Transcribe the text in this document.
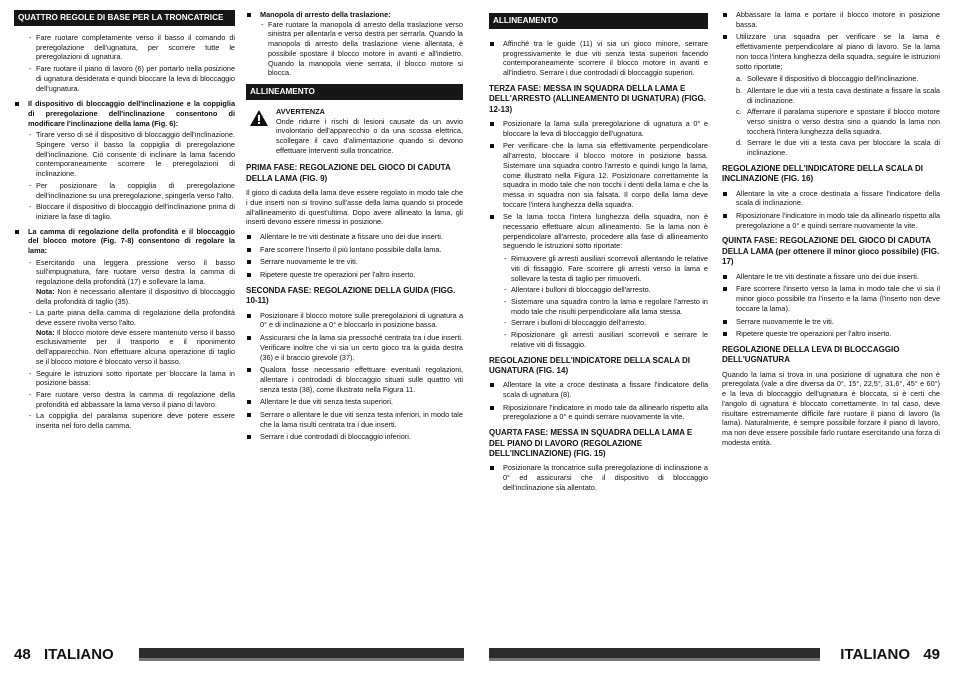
QUATTRO REGOLE DI BASE PER LA TRONCATRICE
- Fare ruotare completamente verso il basso il comando di preregolazione dell'ugnatura, per scorrere tutte le preregolazioni di ugnatura.
- Fare ruotare il piano di lavoro (6) per portarlo nella posizione di ugnatura desiderata e quindi bloccare la leva di bloccaggio dell'ugnatura.
Il dispositivo di bloccaggio dell'inclinazione e la coppiglia di preregolazione dell'inclinazione consentono di modificare l'inclinazione della lama (Fig. 6):
- Tirare verso di sé il dispositivo di bloccaggio dell'inclinazione. Spingere verso il basso la coppiglia di preregolazione dell'inclinazione. Ciò consente di inclinare la lama facendo contemporaneamente scorrere le preregolazioni di inclinazione.
- Per posizionare la coppiglia di preregolazione dell'inclinazione su una preregolazione, spingerla verso l'alto.
- Bloccare il dispositivo di bloccaggio dell'inclinazione prima di iniziare la fase di taglio.
La camma di regolazione della profondità e il bloccaggio del blocco motore (Fig. 7-8) consentono di regolare la lama:
- Esercitando una leggera pressione verso il basso sull'impugnatura, fare ruotare verso destra la camma di regolazione della profondità (17) e sollevare la lama.
Nota: Non è necessario allentare il dispositivo di bloccaggio della profondità di taglio (35).
- La parte piana della camma di regolazione della profondità deve essere rivolta verso l'alto.
Nota: Il blocco motore deve essere mantenuto verso il basso esclusivamente per il trasporto e il riponimento dell'apparecchio. Non effettuare alcuna operazione di taglio se il blocco motore è bloccato verso il basso.
- Seguire le istruzioni sotto riportate per bloccare la lama in posizione bassa:
- Fare ruotare verso destra la camma di regolazione della profondità ed abbassare la lama verso il piano di lavoro.
- La coppiglia del paralama superiore deve potere essere inserita nel foro della camma.
Manopola di arresto della traslazione:
- Fare ruotare la manopola di arresto della traslazione verso sinistra per allentarla e verso destra per serrarla. Quando la manopola di arresto della traslazione viene allentata, è possibile spostare il blocco motore in avanti e all'indietro. Quando la manopola viene serrata, il blocco motore si blocca.
ALLINEAMENTO
AVVERTENZA
Onde ridurre i rischi di lesioni causate da un avvio involontario dell'apparecchio o da una scossa elettrica, scollegare il cavo d'alimentazione quando si devono effettuare interventi sulla troncatrice.
PRIMA FASE: REGOLAZIONE DEL GIOCO DI CADUTA DELLA LAMA (FIG. 9)
Il gioco di caduta della lama deve essere regolato in modo tale che i due inserti non si trovino sull'asse della lama quando si procede all'allineamento di quest'ultima. Dopo avere allineato la lama, gli inserti devono essere rimessi in posizione.
Allentare le tre viti destinate a fissare uno dei due inserti.
Fare scorrere l'inserto il più lontano possibile dalla lama.
Serrare nuovamente le tre viti.
Ripetere queste tre operazioni per l'altro inserto.
SECONDA FASE: REGOLAZIONE DELLA GUIDA (FIGG. 10-11)
Posizionare il blocco motore sulle preregolazioni di ugnatura a 0° e di inclinazione a 0° e bloccarlo in posizione bassa.
Assicurarsi che la lama sia pressoché centrata tra i due inserti. Verificare inoltre che vi sia un certo gioco tra la guida destra (36) e il braccio girevole (37).
Qualora fosse necessario effettuare eventuali regolazioni, allentare i controdadi di bloccaggio situati sulle quattro viti senza testa (38), come illustrato nella Figura 11.
Allentare le due viti senza testa superiori.
Serrare o allentare le due viti senza testa inferiori, in modo tale che la lama risulti centrata tra i due inserti.
Serrare i due controdadi di bloccaggio inferiori.
48 ITALIANO
ALLINEAMENTO
Affinché tra le guide (11) vi sia un gioco minore, serrare progressivamente le due viti senza testa superiori facendo contemporaneamente scorrere il blocco motore in avanti e all'indietro. Serrare i due controdadi di bloccaggio superiori.
TERZA FASE: MESSA IN SQUADRA DELLA LAMA E DELL'ARRESTO (ALLINEAMENTO DI UGNATURA) (FIGG. 12-13)
Posizionare la lama sulla preregolazione di ugnatura a 0° e bloccare la leva di bloccaggio dell'ugnatura.
Per verificare che la lama sia effettivamente perpendicolare all'arresto, bloccare il blocco motore in posizione bassa. Sistemare una squadra contro l'arresto e quindi lungo la lama, come illustrato nella Figura 12. Posizionare correttamente la squadra in modo tale che non tocchi i denti della lama e che la messa in squadra non sia falsata. Il corpo della lama deve toccare l'intera lunghezza della squadra.
Se la lama tocca l'intera lunghezza della squadra, non è necessario effettuare alcun allineamento. Se la lama non è perpendicolare all'arresto, procedere alla fase di allineamento seguendo le istruzioni sotto riportate:
- Rimuovere gli arresti ausiliari scorrevoli allentando le relative viti di fissaggio. Fare scorrere gli arresti verso la lama e sollevare la testa di taglio per rimuoverli.
- Allentare i bulloni di bloccaggio dell'arresto.
- Sistemare una squadra contro la lama e regolare l'arresto in modo tale che risulti perpendicolare alla lama stessa.
- Serrare i bulloni di bloccaggio dell'arresto.
- Riposizionare gli arresti ausiliari scorrevoli e serrare le relative viti di fissaggio.
REGOLAZIONE DELL'INDICATORE DELLA SCALA DI UGNATURA (FIG. 14)
Allentare la vite a croce destinata a fissare l'indicatore della scala di ugnatura (8).
Riposizionare l'indicatore in modo tale da allinearlo rispetto alla preregolazione a 0° e quindi serrare nuovamente la vite.
QUARTA FASE: MESSA IN SQUADRA DELLA LAMA E DEL PIANO DI LAVORO (REGOLAZIONE DELL'INCLINAZIONE) (FIG. 15)
Posizionare la troncatrice sulla preregolazione di inclinazione a 0° ed assicurarsi che il dispositivo di bloccaggio dell'inclinazione sia allentato.
Abbassare la lama e portare il blocco motore in posizione bassa.
Utilizzare una squadra per verificare se la lama è effettivamente perpendicolare al piano di lavoro. Se la lama non tocca l'intera lunghezza della squadra, seguire le istruzioni sotto riportate:
a. Sollevare il dispositivo di bloccaggio dell'inclinazione.
b. Allentare le due viti a testa cava destinate a fissare la scala di inclinazione.
c. Afferrare il paralama superiore e spostare il blocco motore verso sinistra o verso destra sino a quando la lama non toccherà l'intera lunghezza della squadra.
d. Serrare le due viti a testa cava per bloccare la scala di inclinazione.
REGOLAZIONE DELL'INDICATORE DELLA SCALA DI INCLINAZIONE (FIG. 16)
Allentare la vite a croce destinata a fissare l'indicatore della scala di inclinazione.
Riposizionare l'indicatore in modo tale da allinearlo rispetto alla preregolazione a 0° e quindi serrare nuovamente la vite.
QUINTA FASE: REGOLAZIONE DEL GIOCO DI CADUTA DELLA LAMA (per ottenere il minor gioco possibile) (FIG. 17)
Allentare le tre viti destinate a fissare uno dei due inserti.
Fare scorrere l'inserto verso la lama in modo tale che vi sia il minor gioco possibile tra l'inserto e la lama (l'inserto non deve toccare la lama).
Serrare nuovamente le tre viti.
Ripetere queste tre operazioni per l'altro inserto.
REGOLAZIONE DELLA LEVA DI BLOCCAGGIO DELL'UGNATURA
Quando la lama si trova in una posizione di ugnatura che non è preregolata (vale a dire diversa da 0°, 15°, 22,5°, 31,6°, 45° e 60°) e la leva di bloccaggio dell'ugnatura è bloccata, si è certi che l'angolo di ugnatura è bloccato correttamente. In tal caso, deve risultare estremamente difficile fare ruotare il piano di lavoro (la lama). Naturalmente, è sempre possibile forzare il piano di lavoro, ma non deve essere possibile farlo ruotare esercitando una forza di modesta entità.
ITALIANO 49
